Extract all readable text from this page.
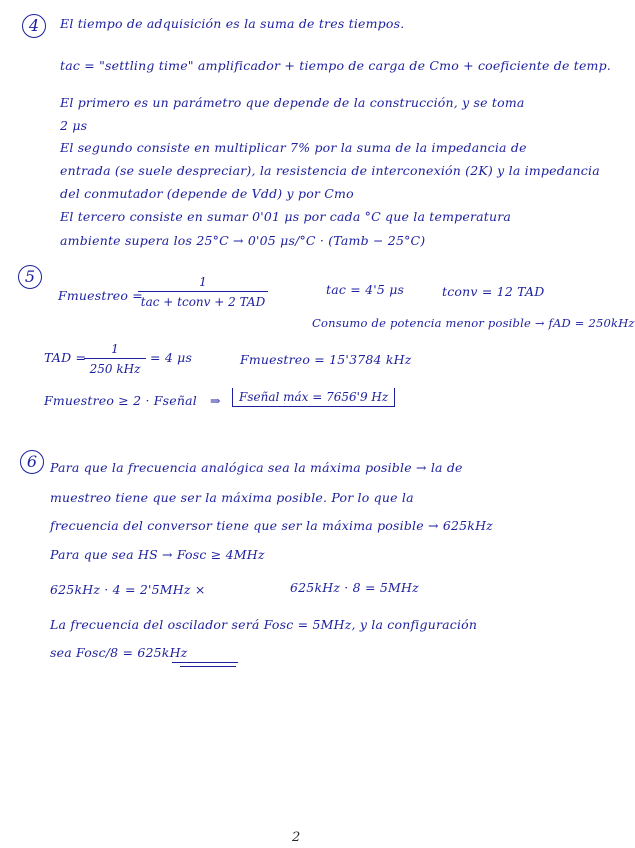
4	El tiempo de adquisición es la suma de tres tiempos.
tac = "settling time" amplificador + tiempo de carga de Cmo + coeficiente de temp.
El primero es un parámetro que depende de la construcción, y se toma
2 μs
El segundo consiste en multiplicar 7% por la suma de la impedancia de
entrada (se suele despreciar), la resistencia de interconexión (2K) y la impedancia
del conmutador (depende de Vdd) y por Cmo
El tercero consiste en sumar 0'01 μs por cada °C que la temperatura
ambiente supera los 25°C → 0'05 μs/°C · (Tamb − 25°C)
5
Fmuestreo =
1
tac + tconv + 2 TAD
tac = 4'5 μs	tconv = 12 TAD
Consumo de potencia menor posible → fAD = 250kHz
TAD =
1
250 kHz
= 4 μs	Fmuestreo = 15'3784 kHz
Fmuestreo ≥ 2 · Fseñal ⇒	Fseñal máx = 7656'9 Hz
6	Para que la frecuencia analógica sea la máxima posible → la de
muestreo tiene que ser la máxima posible. Por lo que la
frecuencia del conversor tiene que ser la máxima posible → 625kHz
Para que sea HS → Fosc ≥ 4MHz
625kHz · 4 = 2'5MHz ×	625kHz · 8 = 5MHz
La frecuencia del oscilador será Fosc = 5MHz, y la configuración
sea Fosc/8 = 625kHz
2
